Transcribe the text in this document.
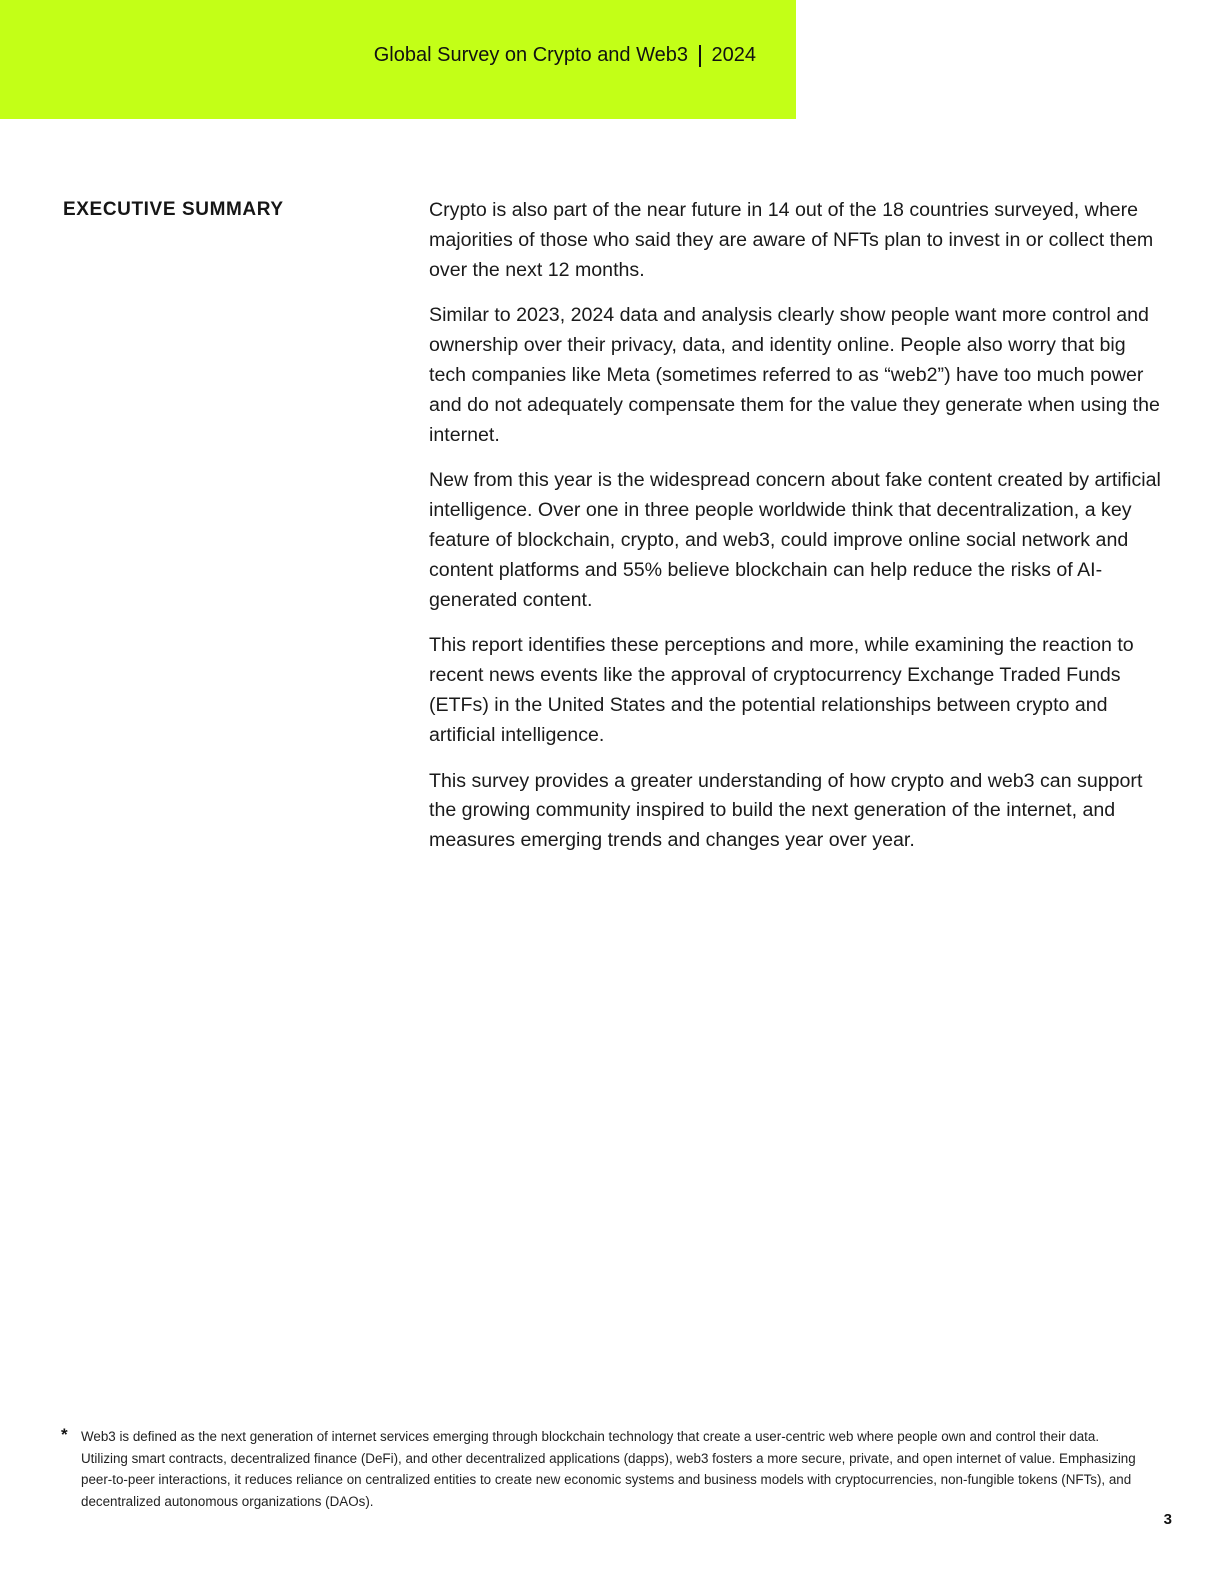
Global Survey on Crypto and Web3 2024
EXECUTIVE SUMMARY	Crypto is also part of the near future in 14 out of the 18 countries surveyed, where majorities of those who said they are aware of NFTs plan to invest in or collect them over the next 12 months.

Similar to 2023, 2024 data and analysis clearly show people want more control and ownership over their privacy, data, and identity online. People also worry that big tech companies like Meta (sometimes referred to as “web2”) have too much power and do not adequately compensate them for the value they generate when using the internet.

New from this year is the widespread concern about fake content created by artificial intelligence. Over one in three people worldwide think that decentralization, a key feature of blockchain, crypto, and web3, could improve online social network and content platforms and 55% believe blockchain can help reduce the risks of AI-generated content.

This report identifies these perceptions and more, while examining the reaction to recent news events like the approval of cryptocurrency Exchange Traded Funds (ETFs) in the United States and the potential relationships between crypto and artificial intelligence.

This survey provides a greater understanding of how crypto and web3 can support the growing community inspired to build the next generation of the internet, and measures emerging trends and changes year over year.

* Web3 is defined as the next generation of internet services emerging through blockchain technology that create a user-centric web where people own and control their data. Utilizing smart contracts, decentralized finance (DeFi), and other decentralized applications (dapps), web3 fosters a more secure, private, and open internet of value. Emphasizing peer-to-peer interactions, it reduces reliance on centralized entities to create new economic systems and business models with cryptocurrencies, non-fungible tokens (NFTs), and decentralized autonomous organizations (DAOs).
3
